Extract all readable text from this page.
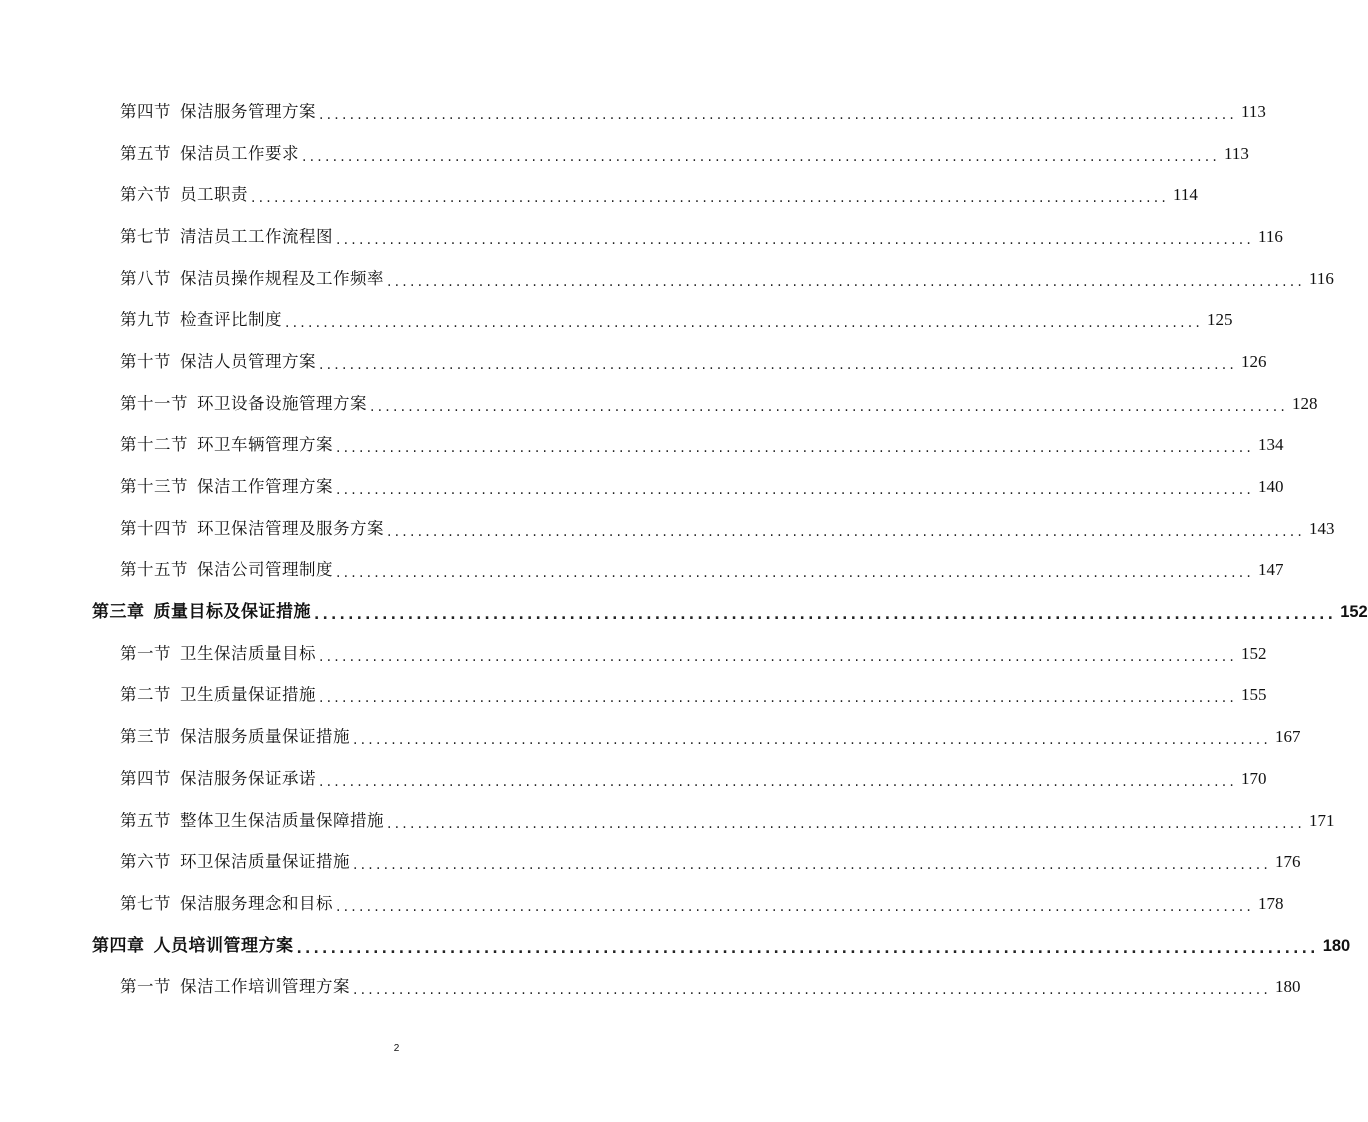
第四节 保洁服务管理方案 ........................................................................................................................ 113
第五节 保洁员工作要求 ........................................................................................................................ 113
第六节 员工职责 ........................................................................................................................ 114
第七节 清洁员工工作流程图 ........................................................................................................................ 116
第八节 保洁员操作规程及工作频率 ........................................................................................................................ 116
第九节 检查评比制度 ........................................................................................................................ 125
第十节 保洁人员管理方案 ........................................................................................................................ 126
第十一节 环卫设备设施管理方案 ........................................................................................................................ 128
第十二节 环卫车辆管理方案 ........................................................................................................................ 134
第十三节 保洁工作管理方案 ........................................................................................................................ 140
第十四节 环卫保洁管理及服务方案 ........................................................................................................................ 143
第十五节 保洁公司管理制度 ........................................................................................................................ 147
第三章 质量目标及保证措施 ........................................................................................................................ 152
第一节 卫生保洁质量目标 ........................................................................................................................ 152
第二节 卫生质量保证措施 ........................................................................................................................ 155
第三节 保洁服务质量保证措施 ........................................................................................................................ 167
第四节 保洁服务保证承诺 ........................................................................................................................ 170
第五节 整体卫生保洁质量保障措施 ........................................................................................................................ 171
第六节 环卫保洁质量保证措施 ........................................................................................................................ 176
第七节 保洁服务理念和目标 ........................................................................................................................ 178
第四章 人员培训管理方案 ........................................................................................................................ 180
第一节 保洁工作培训管理方案 ........................................................................................................................ 180
2
